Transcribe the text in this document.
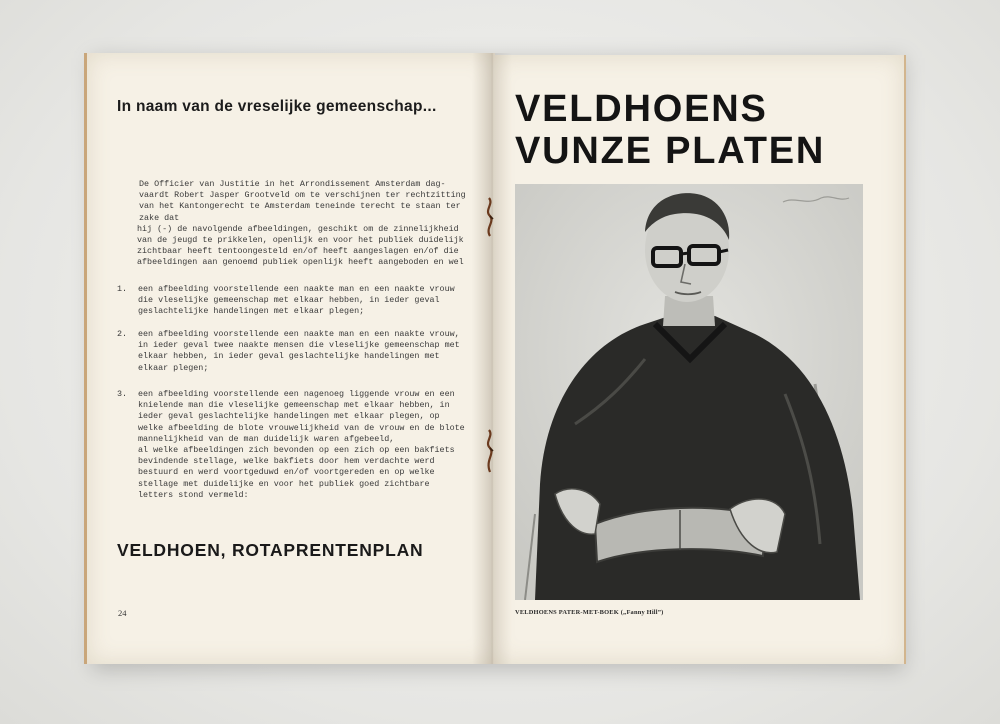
In naam van de vreselijke gemeenschap...

De Officier van Justitie in het Arrondissement Amsterdam dag-

vaardt Robert Jasper Grootveld om te verschijnen ter rechtzitting

van het Kantongerecht te Amsterdam teneinde terecht te staan ter

zake dat

hij (-) de navolgende afbeeldingen, geschikt om de zinnelijkheid

van de jeugd te prikkelen, openlijk en voor het publiek duidelijk

zichtbaar heeft tentoongesteld en/of heeft aangeslagen en/of die

afbeeldingen aan genoemd publiek openlijk heeft aangeboden en wel

1. een afbeelding voorstellende een naakte man en een naakte vrouw

die vleselijke gemeenschap met elkaar hebben, in ieder geval

geslachtelijke handelingen met elkaar plegen;

2. een afbeelding voorstellende een naakte man en een naakte vrouw,

in ieder geval twee naakte mensen die vleselijke gemeenschap met

elkaar hebben, in ieder geval geslachtelijke handelingen met

elkaar plegen;

3. een afbeelding voorstellende een nagenoeg liggende vrouw en een

knielende man die vleselijke gemeenschap met elkaar hebben, in

ieder geval geslachtelijke handelingen met elkaar plegen, op

welke afbeelding de blote vrouwelijkheid van de vrouw en de blote

mannelijkheid van de man duidelijk waren afgebeeld,

al welke afbeeldingen zich bevonden op een zich op een bakfiets

bevindende stellage, welke bakfiets door hem verdachte werd

bestuurd en werd voortgeduwd en/of voortgereden en op welke

stellage met duidelijke en voor het publiek goed zichtbare

letters stond vermeld:

VELDHOEN, ROTAPRENTENPLAN
24
VELDHOENS
VUNZE PLATEN

VELDHOENS PATER-MET-BOEK („Fanny Hill”)
